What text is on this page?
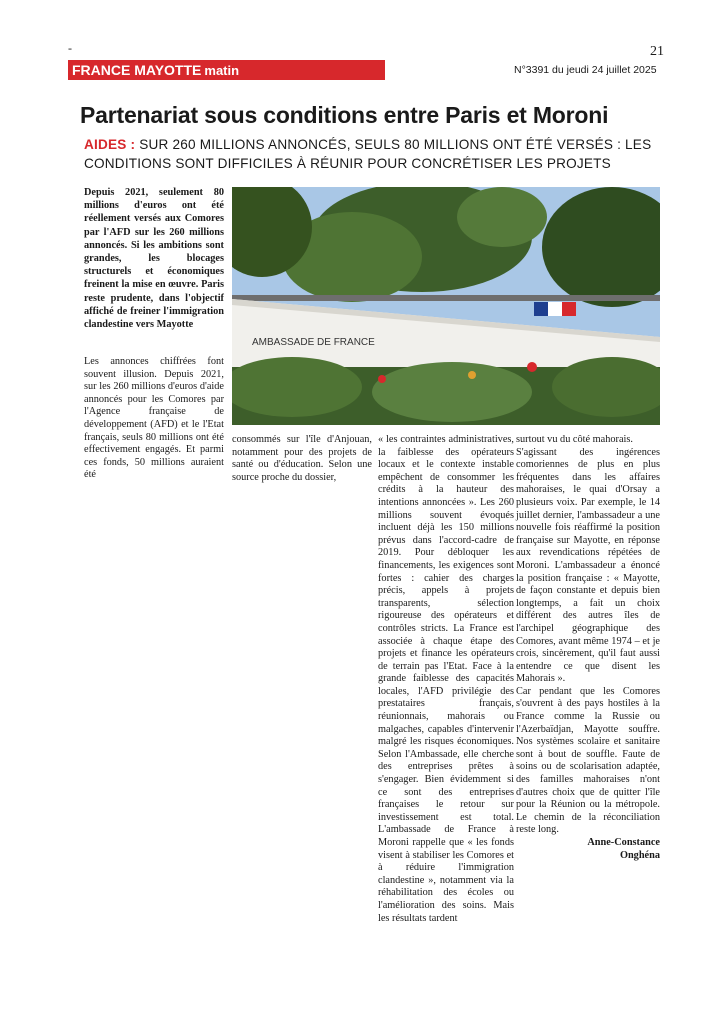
-	21
FRANCE MAYOTTE matin	N°3391 du jeudi 24 juillet 2025
Partenariat sous conditions entre Paris et Moroni
AIDES : SUR 260 MILLIONS ANNONCÉS, SEULS 80 MILLIONS ONT ÉTÉ VERSÉS : LES CONDITIONS SONT DIFFICILES À RÉUNIR POUR CONCRÉTISER LES PROJETS

Depuis 2021, seulement 80 millions d'euros ont été réellement versés aux Comores par l'AFD sur les 260 millions annoncés. Si les ambitions sont grandes, les blocages structurels et économiques freinent la mise en œuvre. Paris reste prudente, dans l'objectif affiché de freiner l'immigration clandestine vers Mayotte

AMBASSADE DE FRANCE

Les annonces chiffrées font souvent illusion. Depuis 2021, sur les 260 millions d'euros d'aide annoncés pour les Comores par l'Agence française de développement (AFD) et le l'Etat français, seuls 80 millions ont été effectivement engagés. Et parmi ces fonds, 50 millions auraient été

consommés sur l'île d'Anjouan, notamment pour des projets de santé ou d'éducation. Selon une source proche du dossier,

« les contraintes administratives, la faiblesse des opérateurs locaux et le contexte instable empêchent de consommer les crédits à la hauteur des intentions annoncées ». Les 260 millions souvent évoqués incluent déjà les 150 millions prévus dans l'accord-cadre de 2019. Pour débloquer les financements, les exigences sont fortes : cahier des charges précis, appels à projets transparents, sélection rigoureuse des opérateurs et contrôles stricts. La France est associée à chaque étape des projets et finance les opérateurs de terrain pas l'Etat. Face à la grande faiblesse des capacités locales, l'AFD privilégie des prestataires français, réunionnais, mahorais ou malgaches, capables d'intervenir malgré les risques économiques. Selon l'Ambassade, elle cherche des entreprises prêtes à s'engager. Bien évidemment si ce sont des entreprises françaises le retour sur investissement est total. L'ambassade de France à Moroni rappelle que « les fonds visent à stabiliser les Comores et à réduire l'immigration clandestine », notamment via la réhabilitation des écoles ou l'amélioration des soins. Mais les résultats tardent

surtout vu du côté mahorais.

S'agissant des ingérences comoriennes de plus en plus fréquentes dans les affaires mahoraises, le quai d'Orsay a plusieurs voix. Par exemple, le 14 juillet dernier, l'ambassadeur a une nouvelle fois réaffirmé la position française sur Mayotte, en réponse aux revendications répétées de Moroni. L'ambassadeur a énoncé la position française : « Mayotte, de façon constante et depuis bien longtemps, a fait un choix différent des autres îles de l'archipel géographique des Comores, avant même 1974 – et je crois, sincèrement, qu'il faut aussi entendre ce que disent les Mahorais ».

Car pendant que les Comores s'ouvrent à des pays hostiles à la France comme la Russie ou l'Azerbaïdjan, Mayotte souffre. Nos systèmes scolaire et sanitaire sont à bout de souffle. Faute de soins ou de scolarisation adaptée, des familles mahoraises n'ont d'autres choix que de quitter l'île pour la Réunion ou la métropole. Le chemin de la réconciliation reste long.

Anne-Constance
Onghéna
